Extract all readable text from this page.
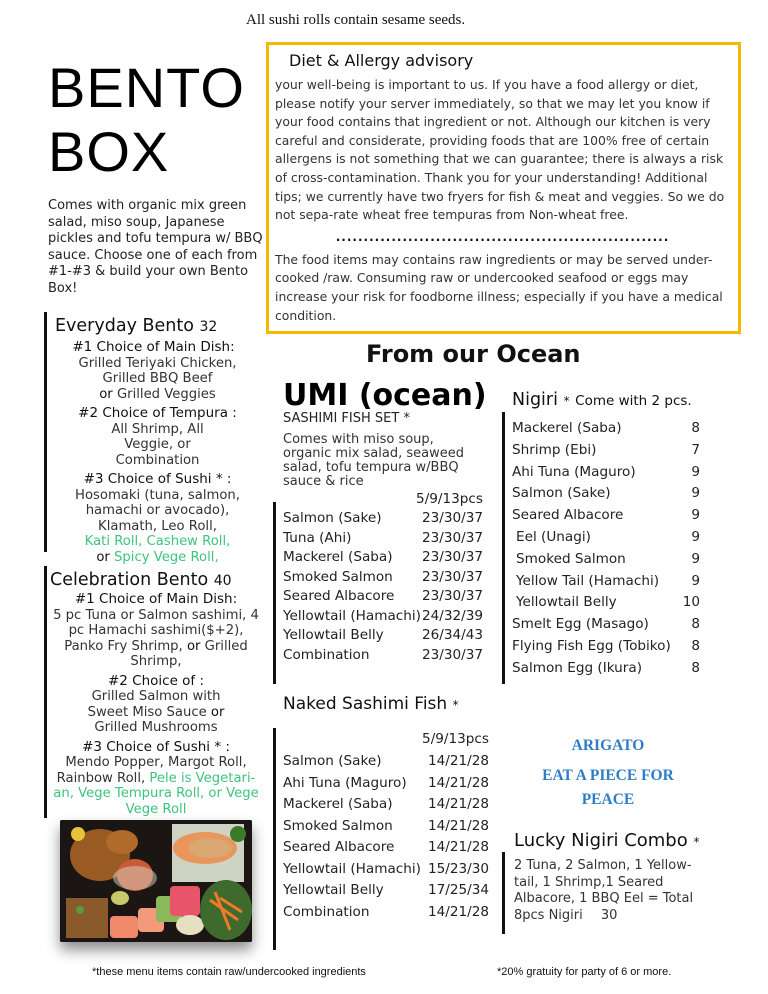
All sushi rolls contain sesame seeds.
BENTO
BOX
Comes with organic mix green salad, miso soup, Japanese pickles and tofu tempura w/ BBQ sauce. Choose one of each from #1-#3 & build your own Bento Box!
Diet & Allergy advisory

your well-being is important to us. If you have a food allergy or diet, please notify your server immediately, so that we may let you know if your food contains that ingredient or not. Although our kitchen is very careful and considerate, providing foods that are 100% free of certain allergens is not something that we can guarantee; there is always a risk of cross-contamination. Thank you for your understanding! Additional tips; we currently have two fryers for fish & meat and veggies. So we do not sepa-rate wheat free tempuras from Non-wheat free.

............................................................

The food items may contains raw ingredients or may be served under-cooked /raw. Consuming raw or undercooked seafood or eggs may increase your risk for foodborne illness; especially if you have a medical condition.

Everyday Bento 32
#1 Choice of Main Dish:
Grilled Teriyaki Chicken, Grilled BBQ Beef
or Grilled Veggies
#2 Choice of Tempura :
All Shrimp, All Veggie, or Combination
#3 Choice of Sushi * :
Hosomaki (tuna, salmon, hamachi or avocado), Klamath, Leo Roll,
Kati Roll, Cashew Roll,
or Spicy Vege Roll,
Celebration Bento 40
#1 Choice of Main Dish:
5 pc Tuna or Salmon sashimi, 4 pc Hamachi sashimi($+2), Panko Fry Shrimp, or Grilled Shrimp,
#2 Choice of :
Grilled Salmon with Sweet Miso Sauce or Grilled Mushrooms
#3 Choice of Sushi * :
Mendo Popper, Margot Roll, Rainbow Roll, Pele is Vegetari-an, Vege Tempura Roll, or Vege Vege Roll
From our Ocean
UMI (ocean)
SASHIMI FISH SET *
Comes with miso soup, organic mix salad, seaweed salad, tofu tempura w/BBQ sauce & rice
5/9/13pcs
Salmon (Sake)	23/30/37
Tuna (Ahi)	23/30/37
Mackerel (Saba) 23/30/37
Smoked Salmon 23/30/37
Seared Albacore 23/30/37
Yellowtail (Hamachi) 24/32/39
Yellowtail Belly	26/34/43
Combination	23/30/37
Naked Sashimi Fish *
5/9/13pcs
Salmon (Sake)	14/21/28
Ahi Tuna (Maguro) 14/21/28
Mackerel (Saba)	14/21/28
Smoked Salmon	14/21/28
Seared Albacore 14/21/28
Yellowtail (Hamachi) 15/23/30
Yellowtail Belly	17/25/34
Combination	14/21/28
Nigiri * Come with 2 pcs.
Mackerel (Saba)	8
Shrimp (Ebi)	7
Ahi Tuna (Maguro)	9
Salmon (Sake)	9
Seared Albacore	9
Eel (Unagi)	9
Smoked Salmon	9
Yellow Tail (Hamachi) 9
Yellowtail Belly	10
Smelt Egg (Masago)	8
Flying Fish Egg (Tobiko) 8
Salmon Egg (Ikura)	8
ARIGATO
EAT A PIECE FOR
PEACE
Lucky Nigiri Combo *
2 Tuna, 2 Salmon, 1 Yellow-tail, 1 Shrimp,1 Seared Albacore, 1 BBQ Eel = Total 8pcs Nigiri 30
*these menu items contain raw/undercooked ingredients	*20% gratuity for party of 6 or more.
